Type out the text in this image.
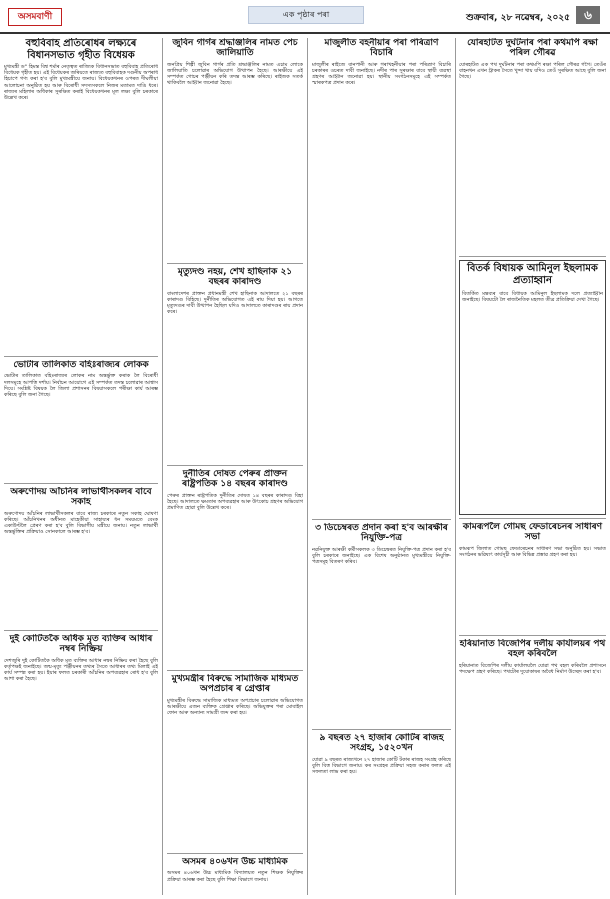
অসমবাণী	এক পৃষ্ঠাৰ পৰা	শুক্ৰবাৰ, ২৮ নৱেম্বৰ, ২০২৫	৬
বহুবিবাহ প্ৰতিৰোধৰ লক্ষ্যৰে বিধানসভাত গৃহীত বিধেয়ক

মুখ্যমন্ত্ৰী ড° হিমন্ত বিশ্ব শৰ্মাৰ নেতৃত্বত ৰাজ্যিক বিধানসভাত বহুবিবাহ প্ৰতিৰোধ বিধেয়ক গৃহীত হয়। এই বিধেয়কৰ জৰিয়তে ৰাজ্যত বহুবিবাহক দণ্ডনীয় অপৰাধ হিচাপে গণ্য কৰা হ'ব বুলি মুখ্যমন্ত্ৰীয়ে জনায়। বিধেয়কখনৰ ওপৰত দীঘলীয়া আলোচনা অনুষ্ঠিত হয় আৰু বিৰোধী সদস্যসকলে নিজৰ মতামত দাঙি ধৰে। ৰাজ্যৰ মহিলাৰ অধিকাৰ সুৰক্ষিত কৰাই বিধেয়কখনৰ মূল লক্ষ্য বুলি চৰকাৰে উল্লেখ কৰে।

ভোটাৰ তালিকাত বহিঃৰাজ্যৰ লোকক

ভোটাৰ তালিকাত বহিঃৰাজ্যৰ লোকৰ নাম অন্তৰ্ভুক্ত কৰাক লৈ বিৰোধী দলসমূহে আপত্তি দৰ্শায়। নিৰ্বাচন আয়োগে এই সম্পৰ্কত তদন্ত চলোৱাৰ আশ্বাস দিয়ে। সংশ্লিষ্ট বিষয়ক লৈ জিলা প্ৰশাসনৰ বিষয়াসকলে পৰীক্ষা কাৰ্য আৰম্ভ কৰিছে বুলি জনা গৈছে।

অৰুণোদয় আঁচনিৰ লাভাৰ্থীসকলৰ বাবে সকাহ

অৰুণোদয় আঁচনিৰ লাভাৰ্থীসকলৰ বাবে ৰাজ্য চৰকাৰে নতুন সকাহ ঘোষণা কৰিছে। আঁচনিখনৰ অধীনত মাহেকীয়া সাহায্যৰ ধন সময়মতে বেংক একাউণ্টলৈ প্ৰেৰণ কৰা হ'ব বুলি বিভাগীয় মন্ত্ৰীয়ে জনায়। নতুন লাভাৰ্থী অন্তৰ্ভুক্তিৰ প্ৰক্ৰিয়াও সোনকালে আৰম্ভ হ'ব।

দুই কোটিতকৈ অধিক মৃত ব্যক্তিৰ আধাৰ নম্বৰ নিষ্ক্ৰিয়

দেশজুৰি দুই কোটিতকৈ অধিক মৃত ব্যক্তিৰ আধাৰ নম্বৰ নিষ্ক্ৰিয় কৰা হৈছে বুলি কৰ্তৃপক্ষই জনাইছে। জন্ম-মৃত্যু পঞ্জীয়নৰ তথ্যৰ সৈতে আধাৰৰ তথ্য মিলাই এই কাৰ্য সম্পন্ন কৰা হয়। ইয়াৰ ফলত চৰকাৰী আঁচনিৰ অপব্যৱহাৰ ৰোধ হ'ব বুলি আশা কৰা হৈছে।

জুবিন গাৰ্গৰ শ্ৰদ্ধাঞ্জলিৰ নামত পেচ জালিয়াতি

জনপ্ৰিয় শিল্পী জুবিন গাৰ্গৰ প্ৰতি শ্ৰদ্ধাঞ্জলিৰ নামত এচাম লোকে জালিয়াতি চলোৱাৰ অভিযোগ উত্থাপন হৈছে। আৰক্ষীয়ে এই সম্পৰ্কত গোচৰ পঞ্জীয়ন কৰি তদন্ত আৰম্ভ কৰিছে। ৰাইজক সতৰ্ক থাকিবলৈ আহ্বান জনোৱা হৈছে।

মৃত্যুদণ্ড নহয়, শেখ হাছিনাক ২১ বছৰৰ কাৰাদণ্ড

বাংলাদেশৰ প্ৰাক্তন প্ৰধানমন্ত্ৰী শেখ হাছিনাক আদালতে ২১ বছৰৰ কাৰাদণ্ড বিহিছে। দুৰ্নীতিৰ অভিযোগত এই ৰায় দিয়া হয়। আগতে মৃত্যুদণ্ডৰ দাবী উত্থাপন হৈছিল যদিও আদালতে কাৰাদণ্ডৰ ৰায় প্ৰদান কৰে।

দুৰ্নীতিৰ দোষত পেৰুৰ প্ৰাক্তন ৰাষ্ট্ৰপতিক ১৪ বছৰৰ কাৰাদণ্ড

পেৰুৰ প্ৰাক্তন ৰাষ্ট্ৰপতিক দুৰ্নীতিৰ দোষত ১৪ বছৰৰ কাৰাদণ্ড বিহা হৈছে। আদালতে ক্ষমতাৰ অপব্যৱহাৰ আৰু উৎকোচ গ্ৰহণৰ অভিযোগ প্ৰমাণিত হোৱা বুলি উল্লেখ কৰে।

মুখ্যমন্ত্ৰীৰ বিৰুদ্ধে সামাজিক মাধ্যমত অপপ্ৰচাৰ ৰ গ্ৰেপ্তাৰ

মুখ্যমন্ত্ৰীৰ বিৰুদ্ধে সামাজিক মাধ্যমত অপপ্ৰচাৰ চলোৱাৰ অভিযোগত আৰক্ষীয়ে এজন ব্যক্তিক গ্ৰেপ্তাৰ কৰিছে। অভিযুক্তৰ পৰা মোবাইল ফোন আৰু অন্যান্য সামগ্ৰী জব্দ কৰা হয়।

অসমৰ ৪০৬খন উচ্চ মাধ্যমিক

অসমৰ ৪০৬খন উচ্চ মাধ্যমিক বিদ্যালয়ত নতুন শিক্ষক নিযুক্তিৰ প্ৰক্ৰিয়া আৰম্ভ কৰা হৈছে বুলি শিক্ষা বিভাগে জনায়।

মাজুলীত বহনীয়াৰ পৰা পৰিত্ৰাণ বিচাৰি

মাজুলীৰ ৰাইজে বানপানী আৰু গৰাখহনীয়াৰ পৰা পৰিত্ৰাণ বিচাৰি চৰকাৰৰ ওচৰত দাবী জনাইছে। নদীৰ পাৰ সুৰক্ষাৰ বাবে স্থায়ী ব্যৱস্থা গ্ৰহণৰ আহ্বান জনোৱা হয়। স্থানীয় সংগঠনসমূহে এই সম্পৰ্কত স্মাৰকপত্ৰ প্ৰদান কৰে।

৩ ডিচেম্বৰত প্ৰদান কৰা হ'ব আৰক্ষীৰ নিযুক্তি-পত্ৰ

নৱনিযুক্ত আৰক্ষী কৰ্মীসকলক ৩ ডিচেম্বৰত নিযুক্তি-পত্ৰ প্ৰদান কৰা হ'ব বুলি চৰকাৰে জনাইছে। এক বিশেষ অনুষ্ঠানত মুখ্যমন্ত্ৰীয়ে নিযুক্তি-পত্ৰসমূহ বিতৰণ কৰিব।

৯ বছৰত ২৭ হাজাৰ কোটিৰ ৰাজহ সংগ্ৰহ, ১৫২০খন

যোৱা ৯ বছৰত ৰাজ্যখনে ২৭ হাজাৰ কোটি টকাৰ ৰাজহ সংগ্ৰহ কৰিছে বুলি বিত্ত বিভাগে জনায়। কৰ সংগ্ৰহৰ প্ৰক্ৰিয়া সহজ কৰাৰ ফলত এই সফলতা লাভ কৰা হয়।

যোৰহাটত দুৰ্ঘটনাৰ পৰা কথমপি ৰক্ষা পৰিল গৌৰৱ

যোৰহাটত এক পথ দুৰ্ঘটনাৰ পৰা কথমপি ৰক্ষা পৰিল গৌৰৱ গগৈ। তেওঁৰ বাহনখন এখন ট্ৰাকৰ সৈতে খুন্দা খায় যদিও তেওঁ সুৰক্ষিত আছে বুলি জনা গৈছে।

বিতৰ্ক বিধায়ক আমিনুল ইছলামক প্ৰত্যাহ্বান

বিতৰ্কিত মন্তব্যৰ বাবে বিধায়ক আমিনুল ইছলামক দলে প্ৰত্যাহ্বান জনাইছে। বিষয়টো লৈ ৰাজনৈতিক মহলত তীব্ৰ প্ৰতিক্ৰিয়া দেখা গৈছে।

কামৰূপলৈ গোমছ ফেডাৰেচনৰ সাধাৰণ সভা

কামৰূপ জিলাত গোমছ ফেডাৰেচনৰ সাধাৰণ সভা অনুষ্ঠিত হয়। সভাত সংগঠনৰ ভৱিষ্যৎ কাৰ্যসূচী আৰু বিভিন্ন প্ৰস্তাৱ গ্ৰহণ কৰা হয়।

হৰিয়ানাত বিজেপিৰ দলীয় কাৰ্যালয়ৰ পথ বহল কৰিবলৈ

হৰিয়ানাত বিজেপিৰ দলীয় কাৰ্যালয়লৈ যোৱা পথ বহল কৰিবলৈ প্ৰশাসনে পদক্ষেপ গ্ৰহণ কৰিছে। পথটোৰ দুয়োকাষৰ অবৈধ নিৰ্মাণ উচ্ছেদ কৰা হ'ব।
